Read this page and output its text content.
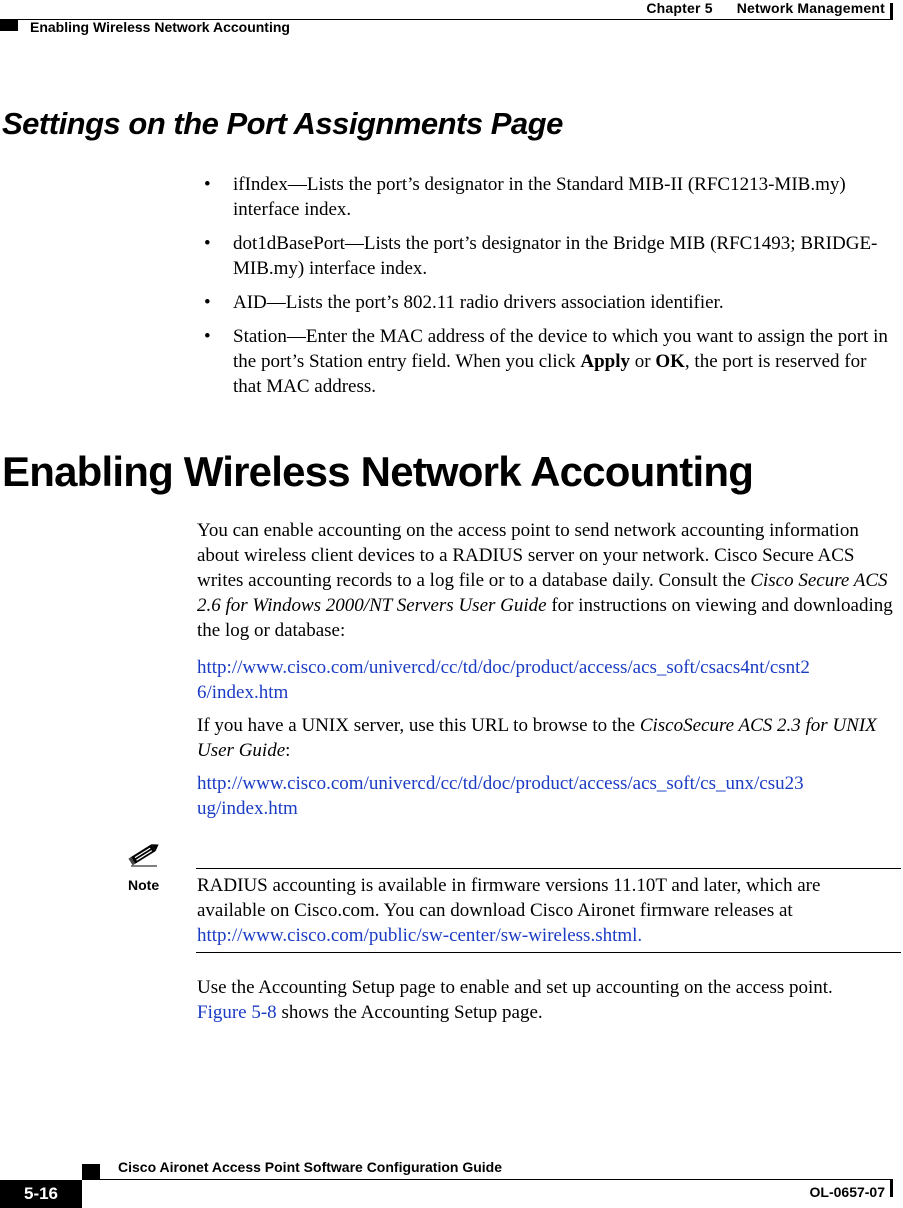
Chapter 5 Network Management
Enabling Wireless Network Accounting
Settings on the Port Assignments Page
• ifIndex—Lists the port’s designator in the Standard MIB-II (RFC1213-MIB.my) interface index.
• dot1dBasePort—Lists the port’s designator in the Bridge MIB (RFC1493; BRIDGE-MIB.my) interface index.
• AID—Lists the port’s 802.11 radio drivers association identifier.
• Station—Enter the MAC address of the device to which you want to assign the port in the port’s Station entry field. When you click Apply or OK, the port is reserved for that MAC address.
Enabling Wireless Network Accounting

You can enable accounting on the access point to send network accounting information about wireless client devices to a RADIUS server on your network. Cisco Secure ACS writes accounting records to a log file or to a database daily. Consult the Cisco Secure ACS 2.6 for Windows 2000/NT Servers User Guide for instructions on viewing and downloading the log or database:

http://www.cisco.com/univercd/cc/td/doc/product/access/acs_soft/csacs4nt/csnt2
6/index.htm

If you have a UNIX server, use this URL to browse to the CiscoSecure ACS 2.3 for UNIX User Guide:

http://www.cisco.com/univercd/cc/td/doc/product/access/acs_soft/cs_unx/csu23
ug/index.htm

Note RADIUS accounting is available in firmware versions 11.10T and later, which are available on Cisco.com. You can download Cisco Aironet firmware releases at http://www.cisco.com/public/sw-center/sw-wireless.shtml.

Use the Accounting Setup page to enable and set up accounting on the access point. Figure 5-8 shows the Accounting Setup page.

Cisco Aironet Access Point Software Configuration Guide
5-16	OL-0657-07
